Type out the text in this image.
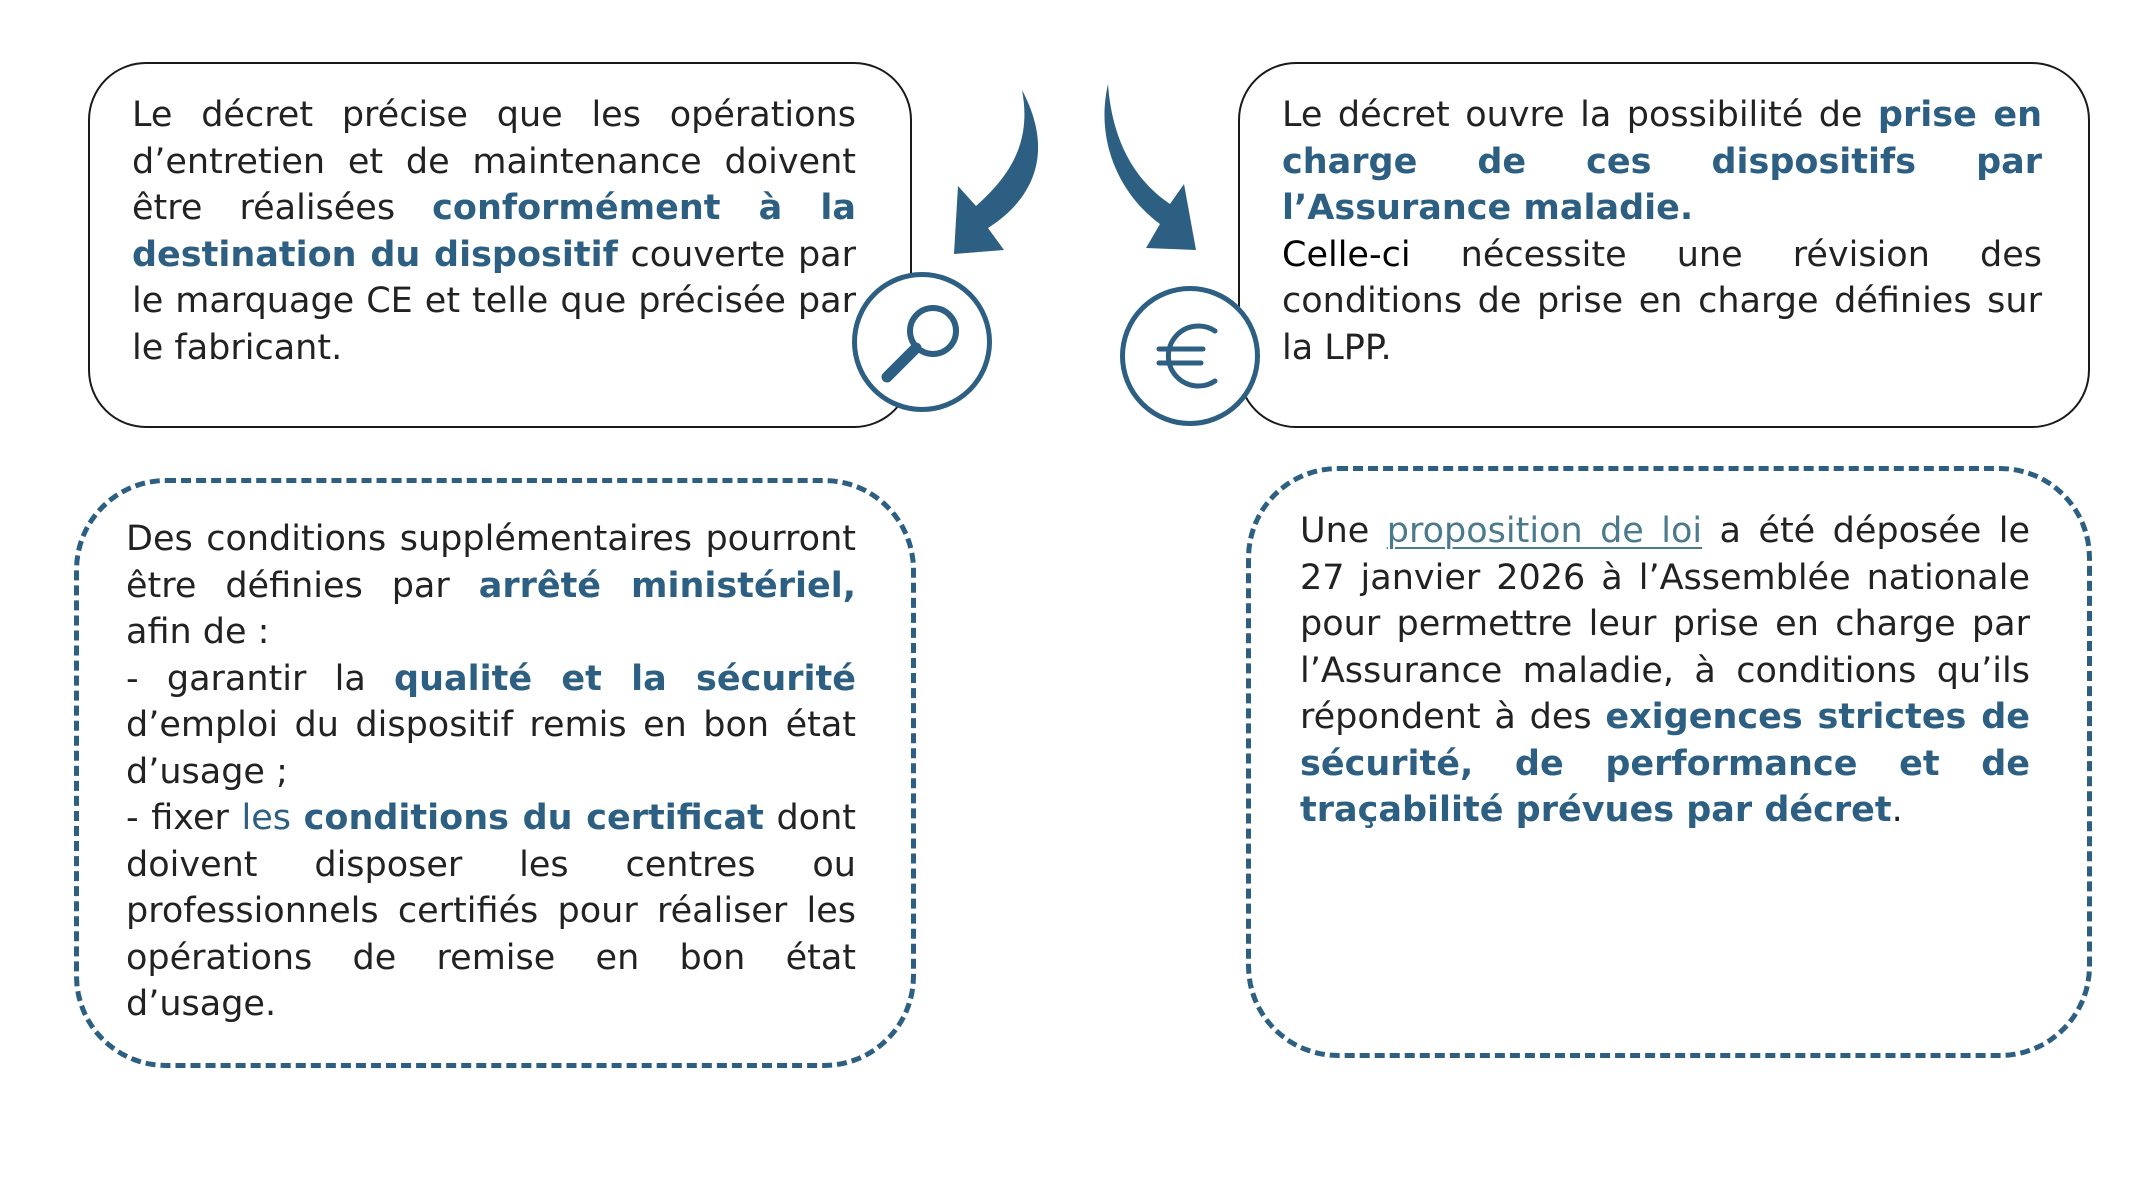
Le décret précise que les opérations d’entretien et de maintenance doivent être réalisées conformément à la destination du dispositif couverte par le marquage CE et telle que précisée par le fabricant.
Le décret ouvre la possibilité de prise en charge de ces dispositifs par l’Assurance maladie.
Celle-ci nécessite une révision des conditions de prise en charge définies sur la LPP.
Des conditions supplémentaires pourront être définies par arrêté ministériel, afin de :
- garantir la qualité et la sécurité d’emploi du dispositif remis en bon état d’usage ;
- fixer les conditions du certificat dont doivent disposer les centres ou professionnels certifiés pour réaliser les opérations de remise en bon état d’usage.
Une proposition de loi a été déposée le 27 janvier 2026 à l’Assemblée nationale pour permettre leur prise en charge par l’Assurance maladie, à conditions qu’ils répondent à des exigences strictes de sécurité, de performance et de traçabilité prévues par décret.
